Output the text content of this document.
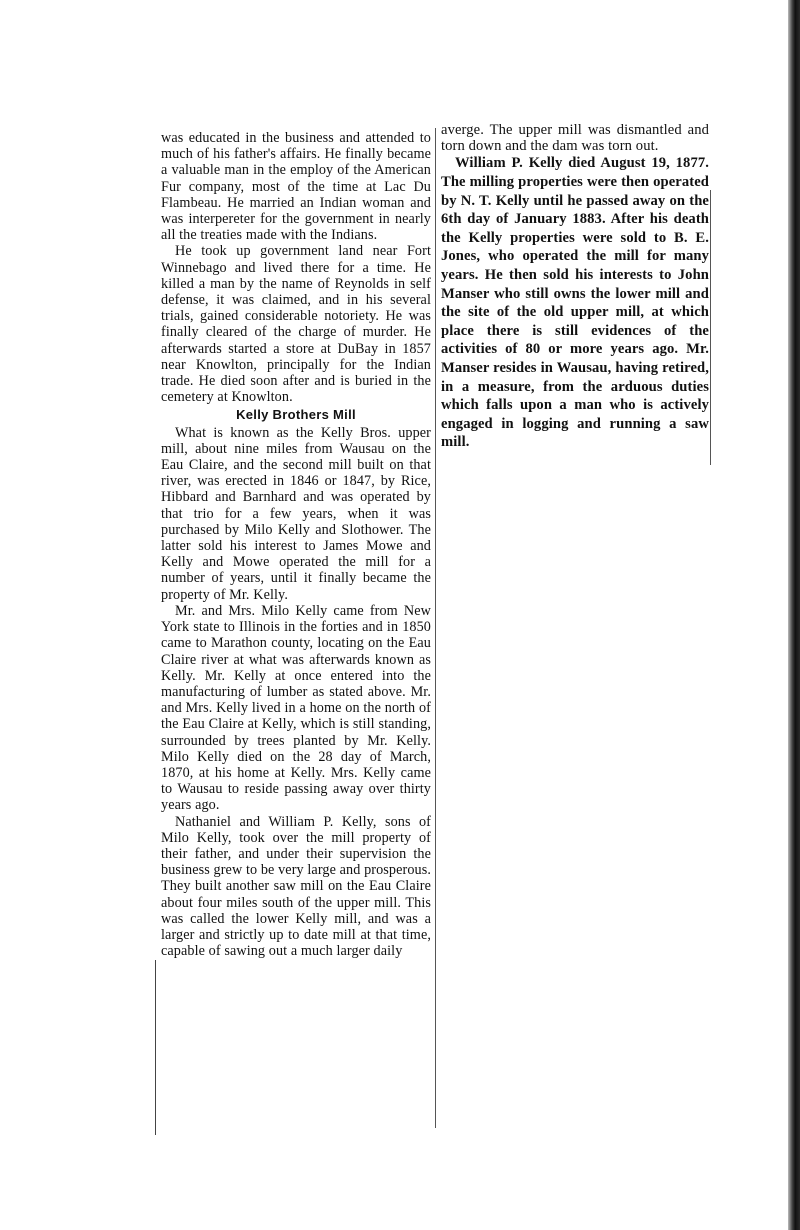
was educated in the business and attended to much of his father's affairs. He finally became a valuable man in the employ of the American Fur company, most of the time at Lac Du Flambeau. He married an Indian woman and was interpereter for the government in nearly all the treaties made with the Indians.

He took up government land near Fort Winnebago and lived there for a time. He killed a man by the name of Reynolds in self defense, it was claimed, and in his several trials, gained considerable notoriety. He was finally cleared of the charge of murder. He afterwards started a store at DuBay in 1857 near Knowlton, principally for the Indian trade. He died soon after and is buried in the cemetery at Knowlton.

Kelly Brothers Mill

What is known as the Kelly Bros. upper mill, about nine miles from Wausau on the Eau Claire, and the second mill built on that river, was erected in 1846 or 1847, by Rice, Hibbard and Barnhard and was operated by that trio for a few years, when it was purchased by Milo Kelly and Slothower. The latter sold his interest to James Mowe and Kelly and Mowe operated the mill for a number of years, until it finally became the property of Mr. Kelly.

Mr. and Mrs. Milo Kelly came from New York state to Illinois in the forties and in 1850 came to Marathon county, locating on the Eau Claire river at what was afterwards known as Kelly. Mr. Kelly at once entered into the manufacturing of lumber as stated above. Mr. and Mrs. Kelly lived in a home on the north of the Eau Claire at Kelly, which is still standing, surrounded by trees planted by Mr. Kelly. Milo Kelly died on the 28 day of March, 1870, at his home at Kelly. Mrs. Kelly came to Wausau to reside passing away over thirty years ago.

Nathaniel and William P. Kelly, sons of Milo Kelly, took over the mill property of their father, and under their supervision the business grew to be very large and prosperous. They built another saw mill on the Eau Claire about four miles south of the upper mill. This was called the lower Kelly mill, and was a larger and strictly up to date mill at that time, capable of sawing out a much larger daily

averge. The upper mill was dismantled and torn down and the dam was torn out.

William P. Kelly died August 19, 1877. The milling properties were then operated by N. T. Kelly until he passed away on the 6th day of January 1883. After his death the Kelly properties were sold to B. E. Jones, who operated the mill for many years. He then sold his interests to John Manser who still owns the lower mill and the site of the old upper mill, at which place there is still evidences of the activities of 80 or more years ago. Mr. Manser resides in Wausau, having retired, in a measure, from the arduous duties which falls upon a man who is actively engaged in logging and running a saw mill.
